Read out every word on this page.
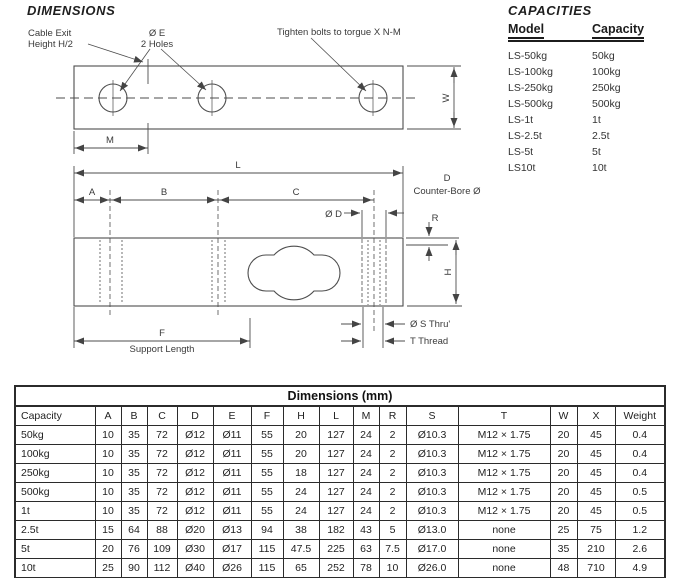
DIMENSIONS	CAPACITIES
Model	Capacity
LS-50kg	50kg
LS-100kg	100kg
LS-250kg	250kg
LS-500kg	500kg
LS-1t	1t
LS-2.5t	2.5t
LS-5t	5t
LS10t	10t
Cable Exit
Height H/2
Ø E
2 Holes
Tighten bolts to torgue X N-M
M
W
L
A	B	C
Ø D
D
Counter-Bore Ø
R
H
F
Support Length
Ø S Thru'
T Thread
Dimensions (mm)
Capacity	A	B	C	D	E	F	H	L	M	R	S	T	W	X	Weight
50kg	10	35	72	Ø12	Ø11	55	20	127	24	2	Ø10.3	M12 × 1.75	20	45	0.4
100kg	10	35	72	Ø12	Ø11	55	20	127	24	2	Ø10.3	M12 × 1.75	20	45	0.4
250kg	10	35	72	Ø12	Ø11	55	18	127	24	2	Ø10.3	M12 × 1.75	20	45	0.4
500kg	10	35	72	Ø12	Ø11	55	24	127	24	2	Ø10.3	M12 × 1.75	20	45	0.5
1t	10	35	72	Ø12	Ø11	55	24	127	24	2	Ø10.3	M12 × 1.75	20	45	0.5
2.5t	15	64	88	Ø20	Ø13	94	38	182	43	5	Ø13.0	none	25	75	1.2
5t	20	76	109	Ø30	Ø17	115	47.5	225	63	7.5	Ø17.0	none	35	210	2.6
10t	25	90	112	Ø40	Ø26	115	65	252	78	10	Ø26.0	none	48	710	4.9
